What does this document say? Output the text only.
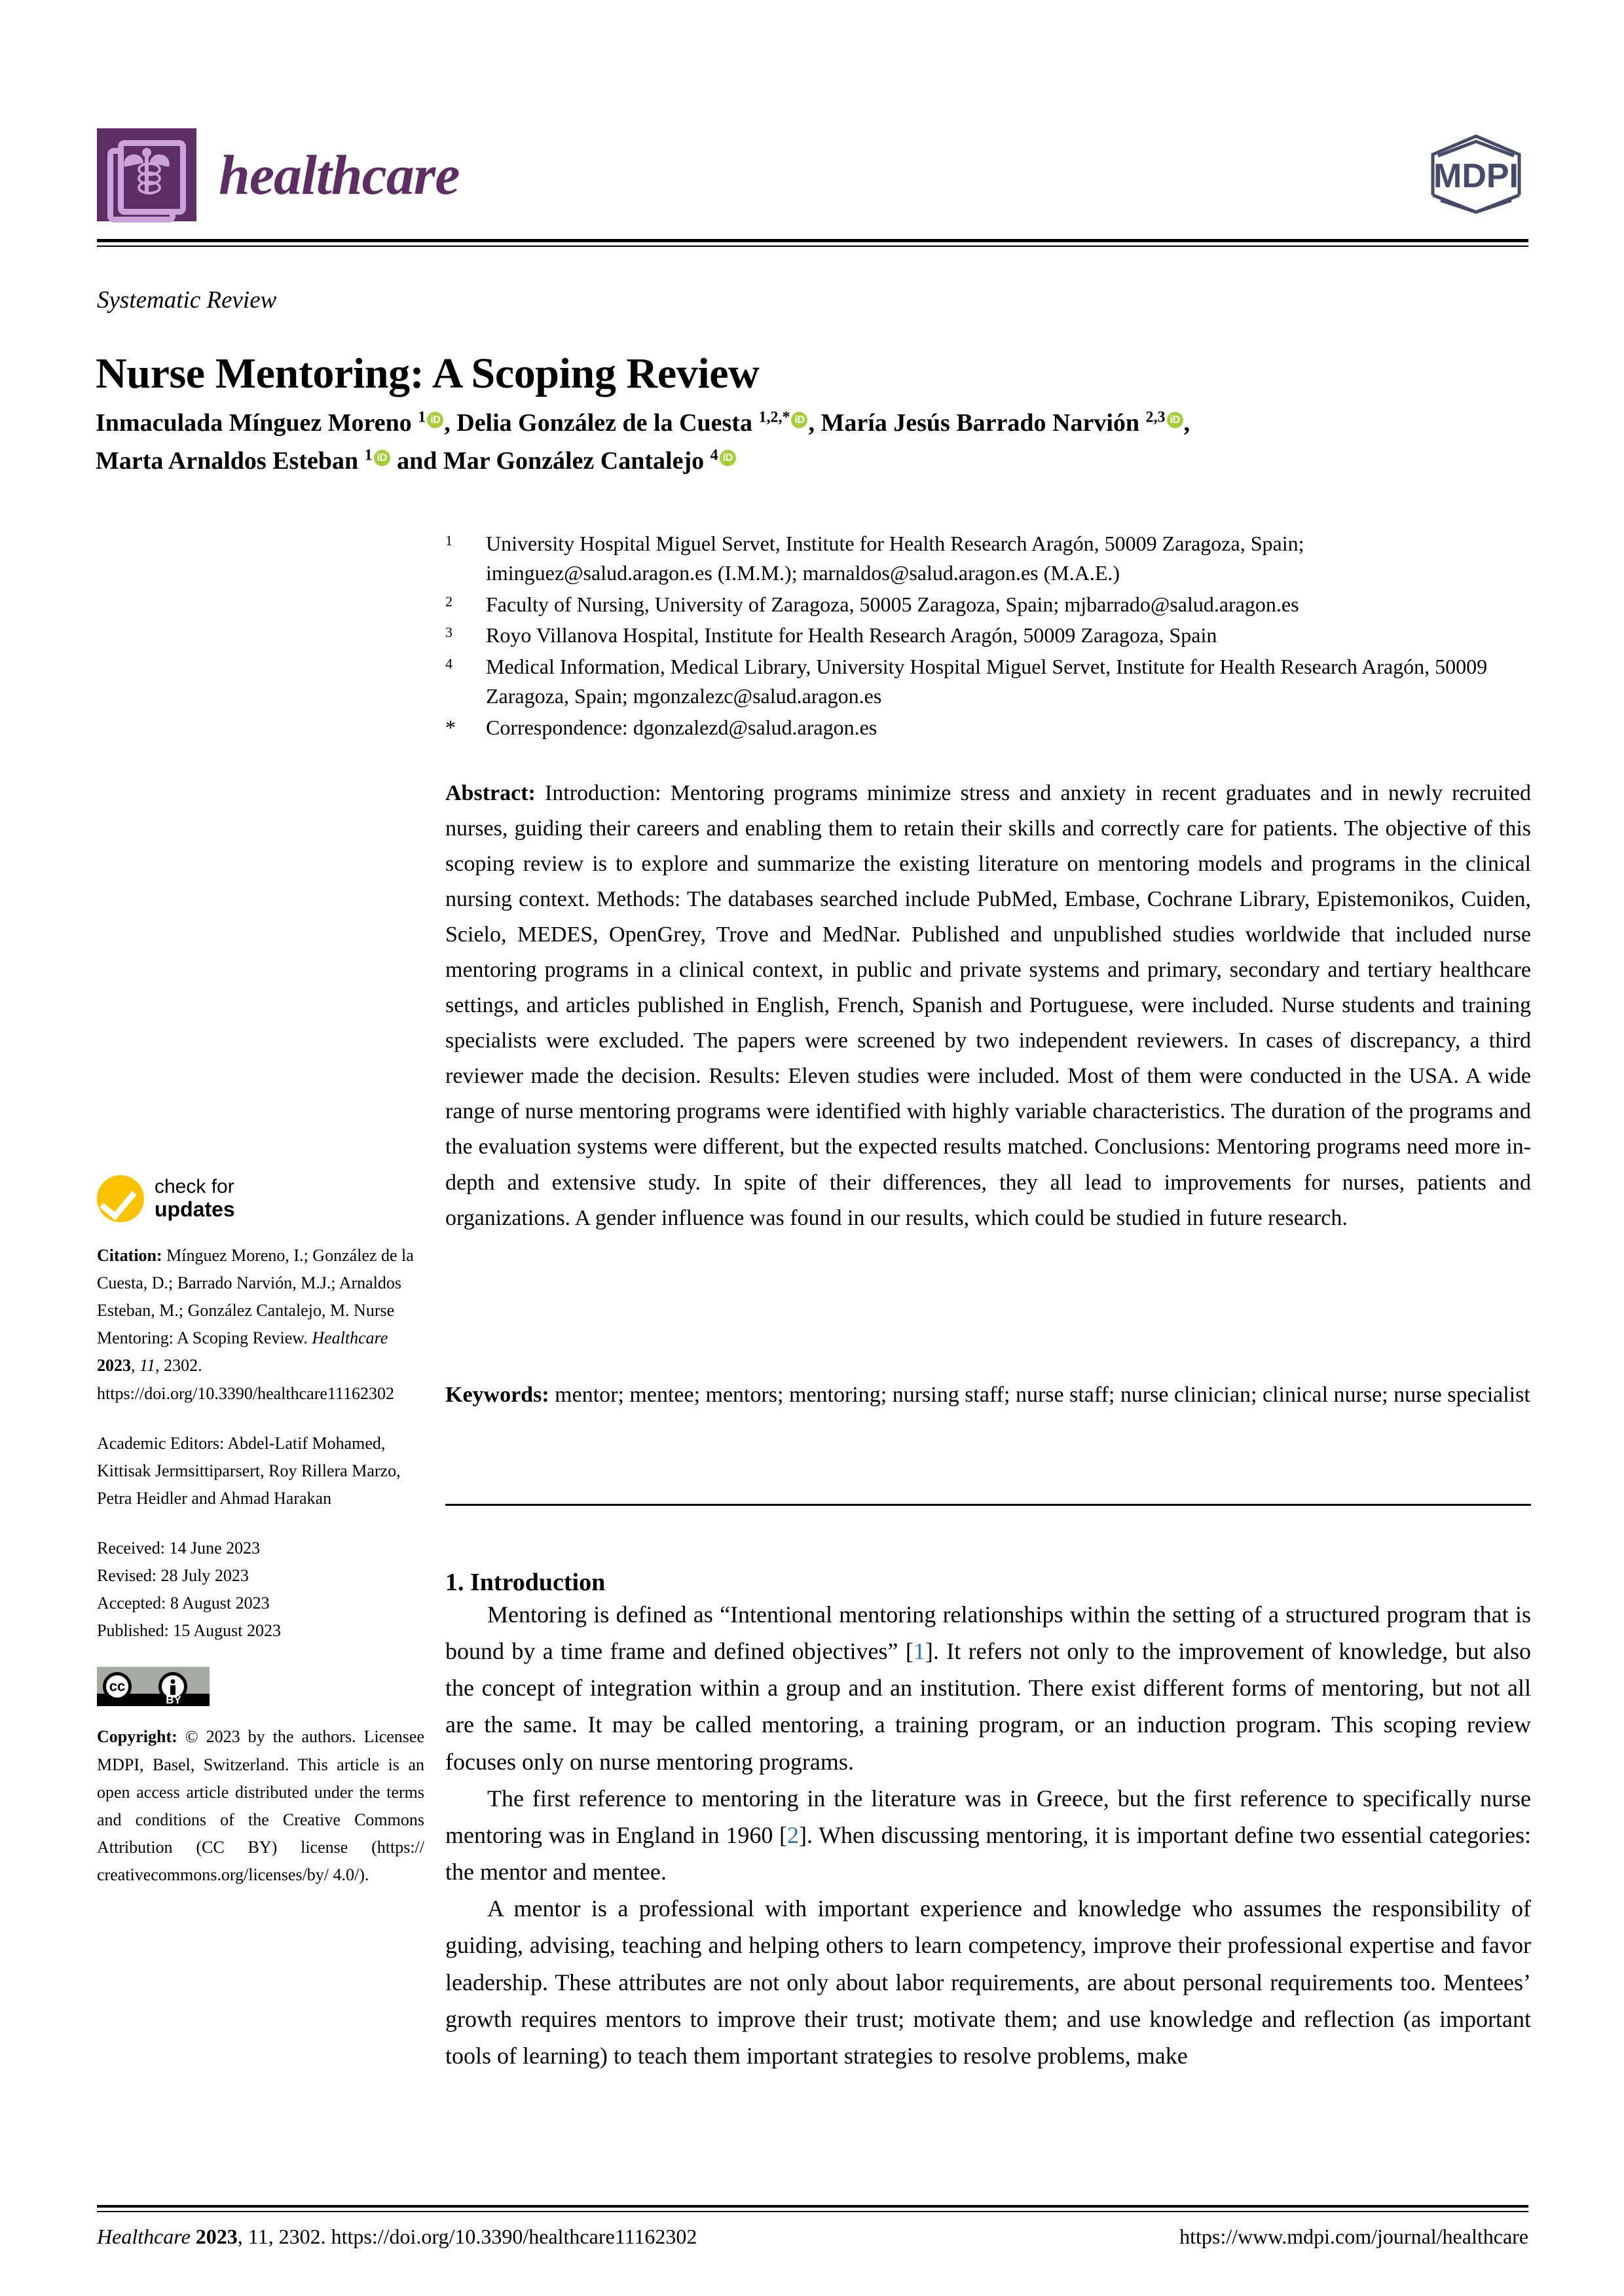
healthcare	MDPI
Systematic Review
Nurse Mentoring: A Scoping Review
Inmaculada Mínguez Moreno $^1$ iD , Delia González de la Cuesta $^{1,2,*}$ iD , María Jesús Barrado Narvión $^{2,3}$ iD ,
Marta Arnaldos Esteban $^1$ iD and Mar González Cantalejo $^4$ iD
1	University Hospital Miguel Servet, Institute for Health Research Aragón, 50009 Zaragoza, Spain; iminguez@salud.aragon.es (I.M.M.); marnaldos@salud.aragon.es (M.A.E.)
2	Faculty of Nursing, University of Zaragoza, 50005 Zaragoza, Spain; mjbarrado@salud.aragon.es
3	Royo Villanova Hospital, Institute for Health Research Aragón, 50009 Zaragoza, Spain
4	Medical Information, Medical Library, University Hospital Miguel Servet, Institute for Health Research Aragón, 50009 Zaragoza, Spain; mgonzalezc@salud.aragon.es
*	Correspondence: dgonzalezd@salud.aragon.es
Abstract: Introduction: Mentoring programs minimize stress and anxiety in recent graduates and in newly recruited nurses, guiding their careers and enabling them to retain their skills and correctly care for patients. The objective of this scoping review is to explore and summarize the existing literature on mentoring models and programs in the clinical nursing context. Methods: The databases searched include PubMed, Embase, Cochrane Library, Epistemonikos, Cuiden, Scielo, MEDES, OpenGrey, Trove and MedNar. Published and unpublished studies worldwide that included nurse mentoring programs in a clinical context, in public and private systems and primary, secondary and tertiary healthcare settings, and articles published in English, French, Spanish and Portuguese, were included. Nurse students and training specialists were excluded. The papers were screened by two independent reviewers. In cases of discrepancy, a third reviewer made the decision. Results: Eleven studies were included. Most of them were conducted in the USA. A wide range of nurse mentoring programs were identified with highly variable characteristics. The duration of the programs and the evaluation systems were different, but the expected results matched. Conclusions: Mentoring programs need more in-depth and extensive study. In spite of their differences, they all lead to improvements for nurses, patients and organizations. A gender influence was found in our results, which could be studied in future research.
Keywords: mentor; mentee; mentors; mentoring; nursing staff; nurse staff; nurse clinician; clinical nurse; nurse specialist
1. Introduction

Mentoring is defined as “Intentional mentoring relationships within the setting of a structured program that is bound by a time frame and defined objectives” [1]. It refers not only to the improvement of knowledge, but also the concept of integration within a group and an institution. There exist different forms of mentoring, but not all are the same. It may be called mentoring, a training program, or an induction program. This scoping review focuses only on nurse mentoring programs.

The first reference to mentoring in the literature was in Greece, but the first reference to specifically nurse mentoring was in England in 1960 [2]. When discussing mentoring, it is important define two essential categories: the mentor and mentee.

A mentor is a professional with important experience and knowledge who assumes the responsibility of guiding, advising, teaching and helping others to learn competency, improve their professional expertise and favor leadership. These attributes are not only about labor requirements, are about personal requirements too. Mentees’ growth requires mentors to improve their trust; motivate them; and use knowledge and reflection (as important tools of learning) to teach them important strategies to resolve problems, make

check for
updates

Citation: Mínguez Moreno, I.; González de la Cuesta, D.; Barrado Narvión, M.J.; Arnaldos Esteban, M.; González Cantalejo, M. Nurse Mentoring: A Scoping Review. Healthcare 2023, 11, 2302. https://doi.org/10.3390/healthcare11162302

Academic Editors: Abdel-Latif Mohamed, Kittisak Jermsittiparsert, Roy Rillera Marzo, Petra Heidler and Ahmad Harakan

Received: 14 June 2023

Revised: 28 July 2023

Accepted: 8 August 2023

Published: 15 August 2023

cc
BY

Copyright: © 2023 by the authors. Licensee MDPI, Basel, Switzerland. This article is an open access article distributed under the terms and conditions of the Creative Commons Attribution (CC BY) license (https:// creativecommons.org/licenses/by/ 4.0/).

Healthcare 2023, 11, 2302. https://doi.org/10.3390/healthcare11162302	https://www.mdpi.com/journal/healthcare
